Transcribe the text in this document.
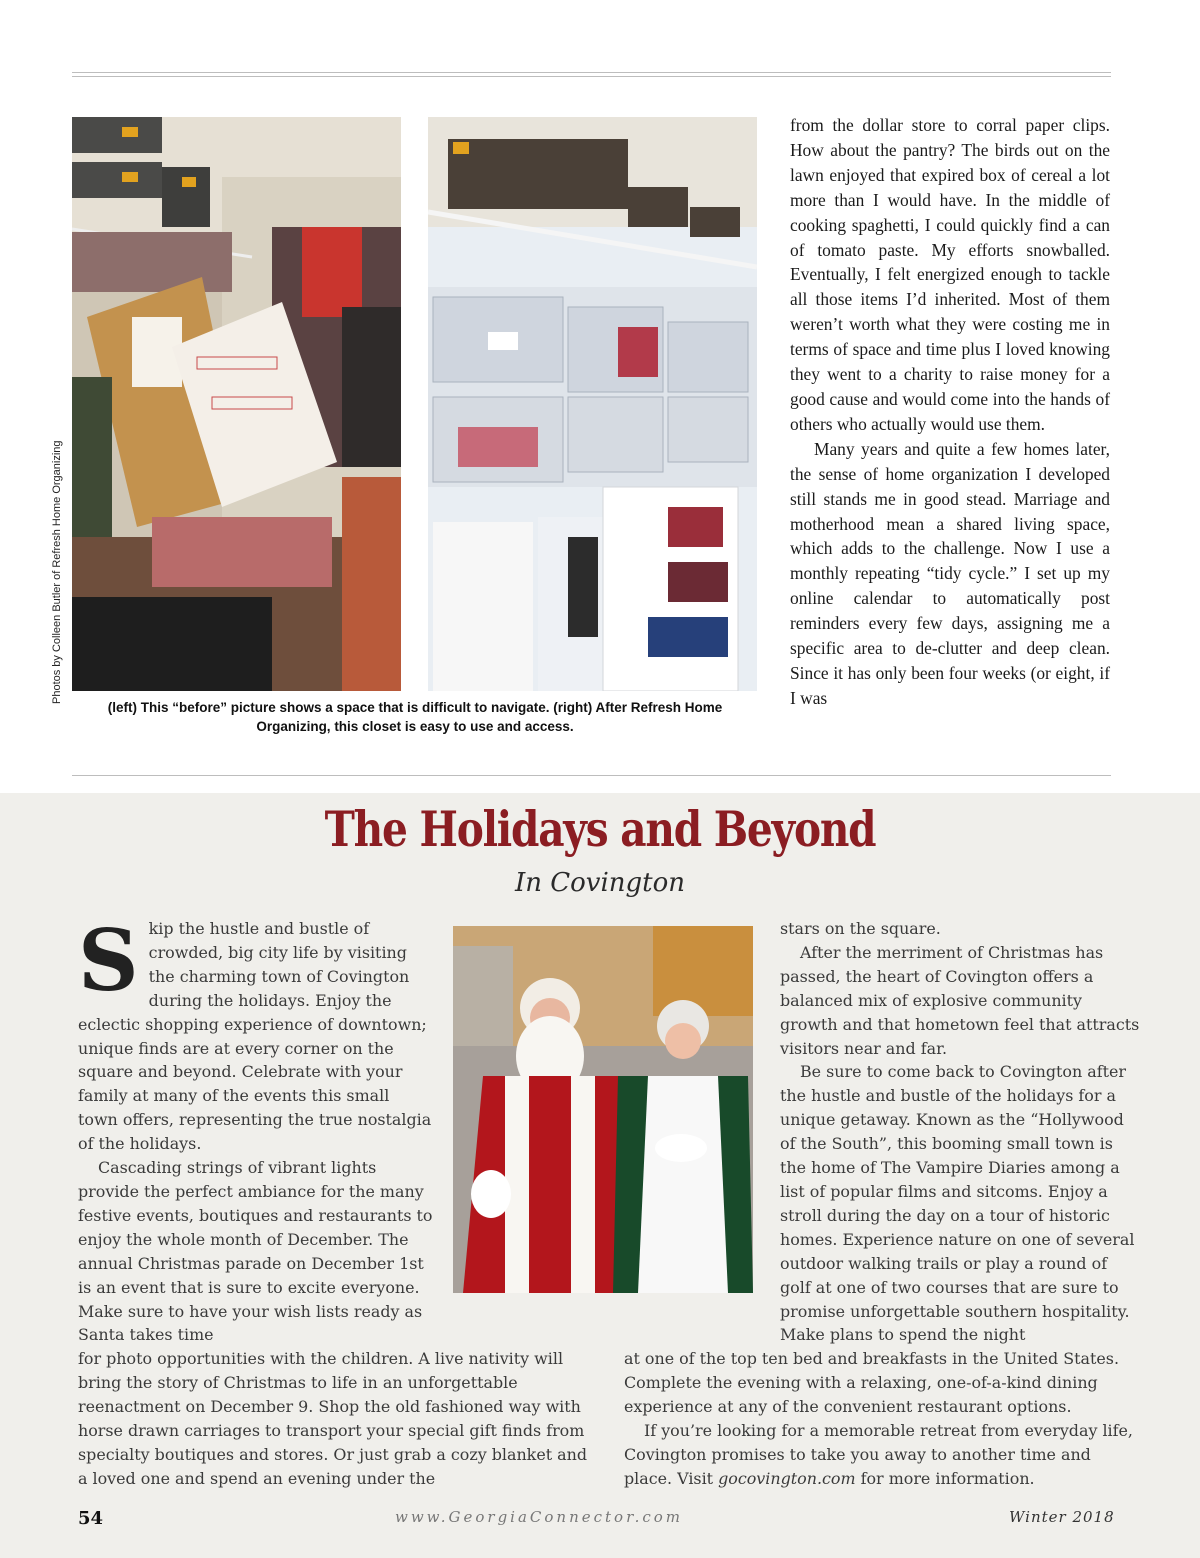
Photos by Colleen Butler of Refresh Home Organizing
(left) This “before” picture shows a space that is difficult to navigate. (right) After Refresh Home Organizing, this closet is easy to use and access.

from the dollar store to corral paper clips. How about the pantry? The birds out on the lawn enjoyed that expired box of cereal a lot more than I would have. In the middle of cooking spaghetti, I could quickly find a can of tomato paste. My efforts snowballed. Eventually, I felt energized enough to tackle all those items I’d inherited. Most of them weren’t worth what they were costing me in terms of space and time plus I loved knowing they went to a charity to raise money for a good cause and would come into the hands of others who actually would use them.

Many years and quite a few homes later, the sense of home organization I developed still stands me in good stead. Marriage and motherhood mean a shared living space, which adds to the challenge. Now I use a monthly repeating “tidy cycle.” I set up my online calendar to automatically post reminders every few days, assigning me a specific area to de-clutter and deep clean. Since it has only been four weeks (or eight, if I was

The Holidays and Beyond
In Covington

Skip the hustle and bustle of crowded, big city life by visiting the charming town of Covington during the holidays. Enjoy the eclectic shopping experience of downtown; unique finds are at every corner on the square and beyond. Celebrate with your family at many of the events this small town offers, representing the true nostalgia of the holidays.

Cascading strings of vibrant lights provide the perfect ambiance for the many festive events, boutiques and restaurants to enjoy the whole month of December. The annual Christmas parade on December 1st is an event that is sure to excite everyone. Make sure to have your wish lists ready as Santa takes time

stars on the square.

After the merriment of Christmas has passed, the heart of Covington offers a balanced mix of explosive community growth and that hometown feel that attracts visitors near and far.

Be sure to come back to Covington after the hustle and bustle of the holidays for a unique getaway. Known as the “Hollywood of the South”, this booming small town is the home of The Vampire Diaries among a list of popular films and sitcoms. Enjoy a stroll during the day on a tour of historic homes. Experience nature on one of several outdoor walking trails or play a round of golf at one of two courses that are sure to promise unforgettable southern hospitality. Make plans to spend the night

for photo opportunities with the children. A live nativity will bring the story of Christmas to life in an unforgettable reenactment on December 9. Shop the old fashioned way with horse drawn carriages to transport your special gift finds from specialty boutiques and stores. Or just grab a cozy blanket and a loved one and spend an evening under the

at one of the top ten bed and breakfasts in the United States. Complete the evening with a relaxing, one-of-a-kind dining experience at any of the convenient restaurant options.

If you’re looking for a memorable retreat from everyday life, Covington promises to take you away to another time and place. Visit gocovington.com for more information.

54	www.GeorgiaConnector.com	Winter 2018
